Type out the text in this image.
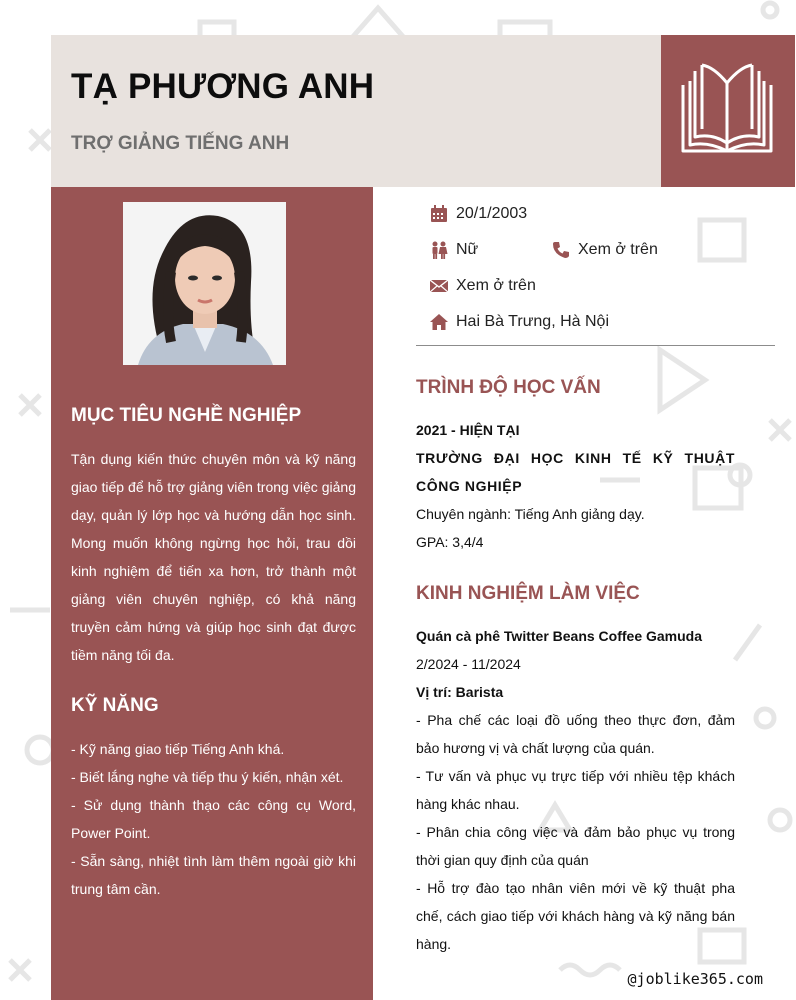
TẠ PHƯƠNG ANH
TRỢ GIẢNG TIẾNG ANH
MỤC TIÊU NGHỀ NGHIỆP
Tận dụng kiến thức chuyên môn và kỹ năng giao tiếp để hỗ trợ giảng viên trong việc giảng dạy, quản lý lớp học và hướng dẫn học sinh. Mong muốn không ngừng học hỏi, trau dồi kinh nghiệm để tiến xa hơn, trở thành một giảng viên chuyên nghiệp, có khả năng truyền cảm hứng và giúp học sinh đạt được tiềm năng tối đa.
KỸ NĂNG
- Kỹ năng giao tiếp Tiếng Anh khá.
- Biết lắng nghe và tiếp thu ý kiến, nhận xét.
- Sử dụng thành thạo các công cụ Word, Power Point.
- Sẵn sàng, nhiệt tình làm thêm ngoài giờ khi trung tâm cần.
20/1/2003
Nữ	Xem ở trên
Xem ở trên
Hai Bà Trưng, Hà Nội
TRÌNH ĐỘ HỌC VẤN
2021 - HIỆN TẠI
TRƯỜNG ĐẠI HỌC KINH TẾ KỸ THUẬT CÔNG NGHIỆP
Chuyên ngành: Tiếng Anh giảng dạy.
GPA: 3,4/4
KINH NGHIỆM LÀM VIỆC
Quán cà phê Twitter Beans Coffee Gamuda
2/2024 - 11/2024
Vị trí: Barista
- Pha chế các loại đồ uống theo thực đơn, đảm bảo hương vị và chất lượng của quán.
- Tư vấn và phục vụ trực tiếp với nhiều tệp khách hàng khác nhau.
- Phân chia công việc và đảm bảo phục vụ trong thời gian quy định của quán
- Hỗ trợ đào tạo nhân viên mới về kỹ thuật pha chế, cách giao tiếp với khách hàng và kỹ năng bán hàng.
@joblike365.com
